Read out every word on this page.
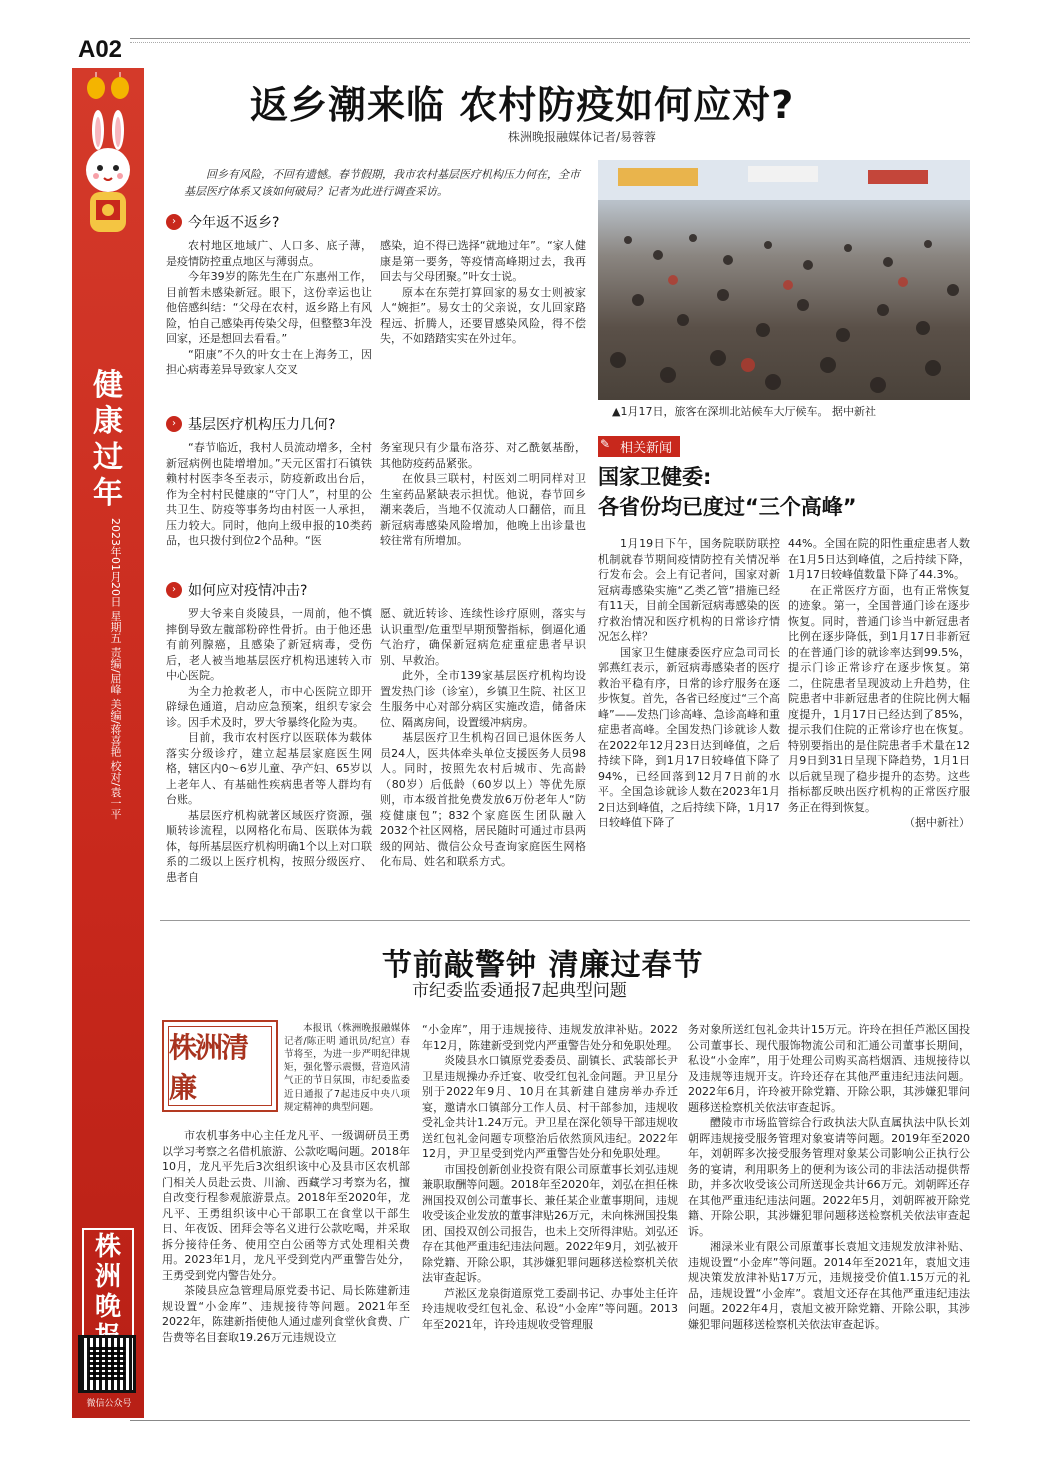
A02
健康过年
2023年01月20日 星期五 责编/屈峰 美编/蒋喜艳 校对/袁一平
株洲晚
微信公众号
返乡潮来临 农村防疫如何应对?
株洲晚报融媒体记者/易蓉蓉
回乡有风险，不回有遗憾。春节假期，我市农村基层医疗机构压力何在，全市基层医疗体系又该如何破局？记者为此进行调查采访。
› 今年返不返乡?

农村地区地域广、人口多、底子薄，是疫情防控重点地区与薄弱点。

今年39岁的陈先生在广东惠州工作，目前暂未感染新冠。眼下，这份幸运也让他倍感纠结：“父母在农村，返乡路上有风险，怕自己感染再传染父母，但整整3年没回家，还是想回去看看。”

“阳康”不久的叶女士在上海务工，因担心病毒差异导致家人交叉

感染，迫不得已选择“就地过年”。“家人健康是第一要务，等疫情高峰期过去，我再回去与父母团聚。”叶女士说。

原本在东莞打算回家的易女士则被家人“婉拒”。易女士的父亲说，女儿回家路程远、折腾人，还要冒感染风险，得不偿失，不如踏踏实实在外过年。

› 基层医疗机构压力几何?

“春节临近，我村人员流动增多，全村新冠病例也陡增增加。”天元区雷打石镇铁赖村村医李冬至表示，防疫新政出台后，作为全村村民健康的“守门人”，村里的公共卫生、防疫等事务均由村医一人承担，压力较大。同时，他向上级申报的10类药品，也只拨付到位2个品种。“医

务室现只有少量布洛芬、对乙酰氨基酚，其他防疫药品紧张。

在攸县三联村，村医刘二明同样对卫生室药品紧缺表示担忧。他说，春节回乡潮来袭后，当地不仅流动人口翻倍，而且新冠病毒感染风险增加，他晚上出诊量也较往常有所增加。

› 如何应对疫情冲击?

罗大爷来自炎陵县，一周前，他不慎摔倒导致左髋部粉碎性骨折。由于他还患有前列腺癌，且感染了新冠病毒，受伤后，老人被当地基层医疗机构迅速转入市中心医院。

为全力抢救老人，市中心医院立即开辟绿色通道，启动应急预案，组织专家会诊。因手术及时，罗大爷暴终化险为夷。

目前，我市农村医疗以医联体为载体落实分级诊疗，建立起基层家庭医生网格，辖区内0～6岁儿童、孕产妇、65岁以上老年人、有基础性疾病患者等人群均有台账。

基层医疗机构就著区域医疗资源，强顺转诊流程，以网格化布局、医联体为载体，每所基层医疗机构明确1个以上对口联系的二级以上医疗机构，按照分级医疗、患者自

愿、就近转诊、连续性诊疗原则，落实与认识重型/危重型早期预警指标，倒逼化通气治疗，确保新冠病危症重症患者早识别、早救治。

此外，全市139家基层医疗机构均设置发热门诊（诊室），乡镇卫生院、社区卫生服务中心对部分病区实施改造，储备床位、隔离房间，设置缓冲病房。

基层医疗卫生机构召回已退休医务人员24人，医共体牵头单位支援医务人员98人。同时，按照先农村后城市、先高龄（80岁）后低龄（60岁以上）等优先原则，市本级首批免费发放6万份老年人“防疫健康包”；832个家庭医生团队融入2032个社区网格，居民随时可通过市县两级的网站、微信公众号查询家庭医生网格化布局、姓名和联系方式。

▲1月17日，旅客在深圳北站候车大厅候车。 据中新社
相关新闻
✎
国家卫健委:
各省份均已度过“三个高峰”

1月19日下午，国务院联防联控机制就春节期间疫情防控有关情况举行发布会。会上有记者问，国家对新冠病毒感染实施“乙类乙管”措施已经有11天，目前全国新冠病毒感染的医疗救治情况和医疗机构的日常诊疗情况怎么样？

国家卫生健康委医疗应急司司长郭燕红表示，新冠病毒感染者的医疗救治平稳有序，日常的诊疗服务在逐步恢复。首先，各省已经度过“三个高峰”——发热门诊高峰、急诊高峰和重症患者高峰。全国发热门诊就诊人数在2022年12月23日达到峰值，之后持续下降，到1月17日较峰值下降了94%，已经回落到12月7日前的水平。全国急诊就诊人数在2023年1月2日达到峰值，之后持续下降，1月17日较峰值下降了

44%。全国在院的阳性重症患者人数在1月5日达到峰值，之后持续下降，1月17日较峰值数量下降了44.3%。

在正常医疗方面，也有正常恢复的迹象。第一，全国普通门诊在逐步恢复。同时，普通门诊当中新冠患者比例在逐步降低，到1月17日非新冠的在普通门诊的就诊率达到99.5%，提示门诊正常诊疗在逐步恢复。第二，住院患者呈现波动上升趋势，住院患者中非新冠患者的住院比例大幅度提升，1月17日已经达到了85%，提示我们住院的正常诊疗也在恢复。特别要指出的是住院患者手术量在12月9日到31日呈现下降趋势，1月1日以后就呈现了稳步提升的态势。这些指标都反映出医疗机构的正常医疗服务正在得到恢复。

（据中新社）

节前敲警钟 清廉过春节
市纪委监委通报7起典型问题
株洲清廉

本报讯（株洲晚报融媒体记者/陈正明 通讯员/纪宣）春节将至，为进一步严明纪律规矩，强化警示震慑，营造风清气正的节日氛围，市纪委监委近日通报了7起违反中央八项规定精神的典型问题。

市农机事务中心主任龙凡平、一级调研员王勇以学习考察之名借机旅游、公款吃喝问题。2018年10月，龙凡平先后3次组织该中心及县市区农机部门相关人员赴云贵、川渝、西藏学习考察为名，擅自改变行程参观旅游景点。2018年至2020年，龙凡平、王勇组织该中心干部职工在食堂以干部生日、年夜饭、团拜会等名义进行公款吃喝，并采取拆分接待任务、使用空白公函等方式处理相关费用。2023年1月，龙凡平受到党内严重警告处分，王勇受到党内警告处分。

茶陵县应急管理局原党委书记、局长陈建新违规设置“小金库”、违规接待等问题。2021年至2022年，陈建新指使他人通过虚列食堂伙食费、广告费等名目套取19.26万元违规设立

“小金库”，用于违规接待、违规发放津补贴。2022年12月，陈建新受到党内严重警告处分和免职处理。

炎陵县水口镇原党委委员、副镇长、武装部长尹卫星违规操办乔迁宴、收受红包礼金问题。尹卫星分别于2022年9月、10月在其新建自建房举办乔迁宴，邀请水口镇部分工作人员、村干部参加，违规收受礼金共计1.24万元。尹卫星在深化领导干部违规收送红包礼金问题专项整治后依然顶风违纪。2022年12月，尹卫星受到党内严重警告处分和免职处理。

市国投创新创业投资有限公司原董事长刘弘违规兼职取酬等问题。2018年至2020年，刘弘在担任株洲国投双创公司董事长、兼任某企业董事期间，违规收受该企业发放的董事津贴26万元，未向株洲国投集团、国投双创公司报告，也未上交所得津贴。刘弘还存在其他严重违纪违法问题。2022年9月，刘弘被开除党籍、开除公职，其涉嫌犯罪问题移送检察机关依法审查起诉。

芦淞区龙泉街道原党工委副书记、办事处主任许玲违规收受红包礼金、私设“小金库”等问题。2013年至2021年，许玲违规收受管理服

务对象所送红包礼金共计15万元。许玲在担任芦淞区国投公司董事长、现代服饰物流公司和汇通公司董事长期间，私设“小金库”，用于处理公司购买高档烟酒、违规接待以及违规等违规开支。许玲还存在其他严重违纪违法问题。2022年6月，许玲被开除党籍、开除公职，其涉嫌犯罪问题移送检察机关依法审查起诉。

醴陵市市场监管综合行政执法大队直属执法中队长刘朝晖违规接受服务管理对象宴请等问题。2019年至2020年，刘朝晖多次接受服务管理对象某公司影响公正执行公务的宴请，利用职务上的便利为该公司的非法活动提供帮助，并多次收受该公司所送现金共计66万元。刘朝晖还存在其他严重违纪违法问题。2022年5月，刘朝晖被开除党籍、开除公职，其涉嫌犯罪问题移送检察机关依法审查起诉。

湘渌米业有限公司原董事长袁旭文违规发放津补贴、违规设置“小金库”等问题。2014年至2021年，袁旭文违规决策发放津补贴17万元，违规接受价值1.15万元的礼品，违规设置“小金库”。袁旭文还存在其他严重违纪违法问题。2022年4月，袁旭文被开除党籍、开除公职，其涉嫌犯罪问题移送检察机关依法审查起诉。
